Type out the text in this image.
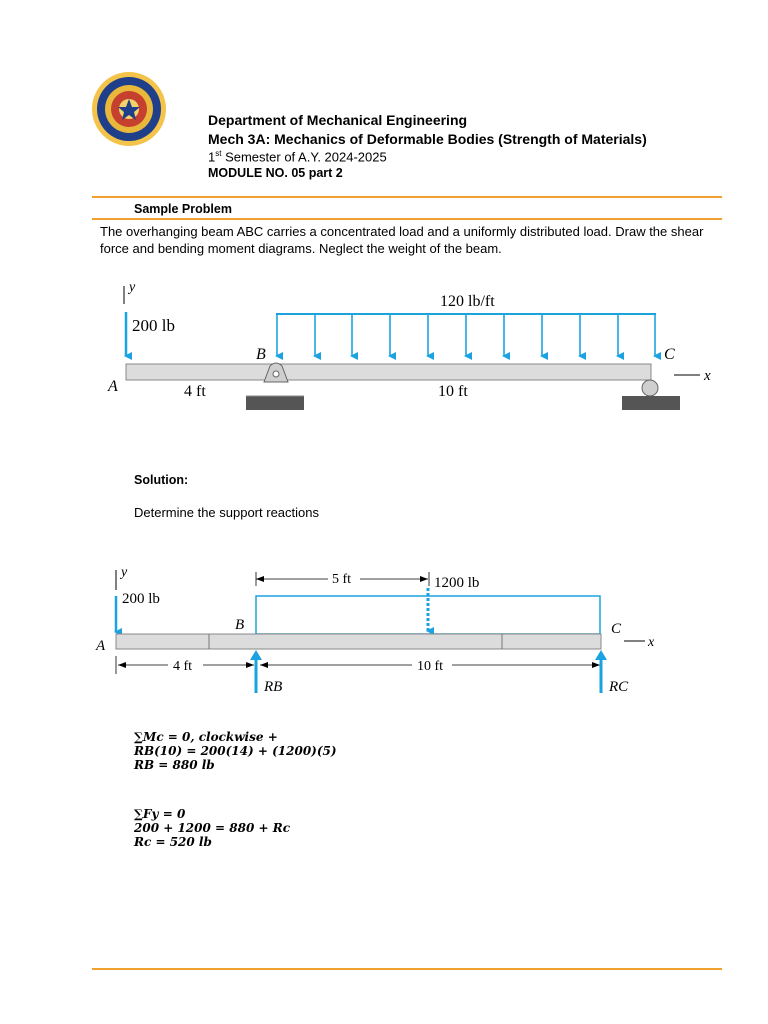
Department of Mechanical Engineering
Mech 3A: Mechanics of Deformable Bodies (Strength of Materials)
1st Semester of A.Y. 2024-2025
MODULE NO. 05 part 2
Sample Problem
The overhanging beam ABC carries a concentrated load and a uniformly distributed load. Draw the shear force and bending moment diagrams. Neglect the weight of the beam.
y
200 lb
120 lb/ft
B	C
x
A	4 ft	10 ft
Solution:
Determine the support reactions
y
200 lb
5 ft	1200 lb
B	C
x
A
4 ft	10 ft
RB	RC
∑Mc = 0, clockwise +
RB(10) = 200(14) + (1200)(5)
RB = 880 lb
∑Fy = 0
200 + 1200 = 880 + Rc
Rc = 520 lb
